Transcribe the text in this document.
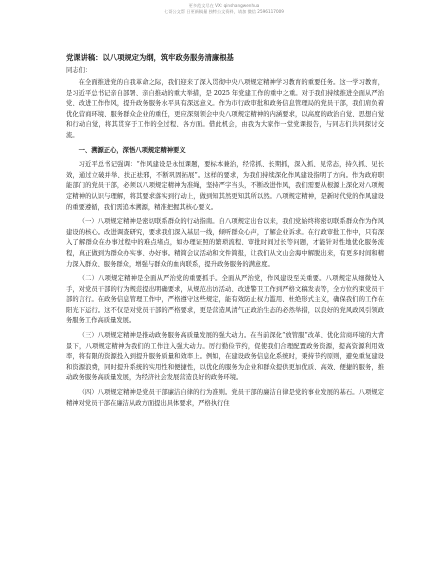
更多范文尽在 VX: qinshangwenhua
七哥公文帮 日更新稿量 独特公文资料，请加 微信 2596117009
党课讲稿：以八项规定为纲，筑牢政务服务清廉根基
同志们：

在全面推进党的自我革命之际，我们迎来了深入贯彻中央八项规定精神学习教育的重要任务。这一学习教育，是习近平总书记亲自部署、亲自推动的重大举措，是 2025 年党建工作的重中之重。对于我们持续推进全面从严治党、改进工作作风，提升政务服务水平具有深远意义。作为市行政审批和政务信息管理局的党员干部，我们肩负着优化营商环境、服务群众企业的重任，更应深刻领会中央八项规定精神的内涵要求，以高度的政治自觉、思想自觉和行动自觉，将其贯穿于工作的全过程、各方面。借此机会，由我为大家作一堂党课报告，与同志们共同探讨交流。

一、溯源正心，深悟八项规定精神要义

习近平总书记强调：“作风建设是永恒课题，要标本兼治，经常抓、长期抓，深入抓、见常态，持久抓、见长效，通过立破并举、扶正祛邪，不断巩固拓展”。这样的要求，为我们持续深化作风建设指明了方向。作为政府职能部门的党员干部，必须以八项规定精神为准绳，坚持严字当头，不断改进作风，我们需要从根源上深化对八项规定精神的认识与理解，将其要求落实到行动上，做到知其然更知其所以然。八项规定精神，是新时代党的作风建设的重要遵循，我们需追本溯源，精准把握其核心要义。

（一）八项规定精神是密切联系群众的行动指南。自八项规定出台以来，我们党始终将密切联系群众作为作风建设的核心。改进调查研究，要求我们深入基层一线，倾听群众心声，了解企业诉求。在行政审批工作中，只有深入了解群众在办事过程中的难点堵点，如办理证照的繁琐流程、审批时间过长等问题，才能针对性地优化服务流程，真正做到为群众办实事、办好事。精简会议活动和文件简报，让我们从文山会海中解脱出来，有更多时间和精力深入群众、服务群众，增强与群众的血肉联系，提升政务服务的满意度。

（二）八项规定精神是全面从严治党的重要抓手。全面从严治党，作风建设至关重要。八项规定从细微处入手，对党员干部的行为规范提出明确要求，从规范出访活动、改进警卫工作到严格文稿发表等，全方位约束党员干部的言行。在政务信息管理工作中，严格遵守这些规定，能有效防止权力滥用、杜绝形式主义，确保我们的工作在阳光下运行。这不仅是对党员干部的严格要求，更是营造风清气正政治生态的必然举措，以良好的党风政风引领政务服务工作高质量发展。

（三）八项规定精神是推动政务服务高质量发展的强大动力。在当前深化“放管服”改革、优化营商环境的大背景下，八项规定精神为我们的工作注入强大动力。厉行勤俭节约，促使我们合理配置政务资源，提高资源利用效率，将有限的资源投入到提升服务质量和效率上。例如，在建设政务信息化系统时，秉持节约原则，避免重复建设和资源浪费，同时提升系统的实用性和便捷性，以优化的服务为企业和群众提供更加优质、高效、便捷的服务，推动政务服务高质量发展，为经济社会发展营造良好的政务环境。

（四）八项规定精神是党员干部廉洁自律的行为准则。党员干部的廉洁自律是党的事业发展的基石。八项规定精神对党员干部在廉洁从政方面提出具体要求，严格执行住
